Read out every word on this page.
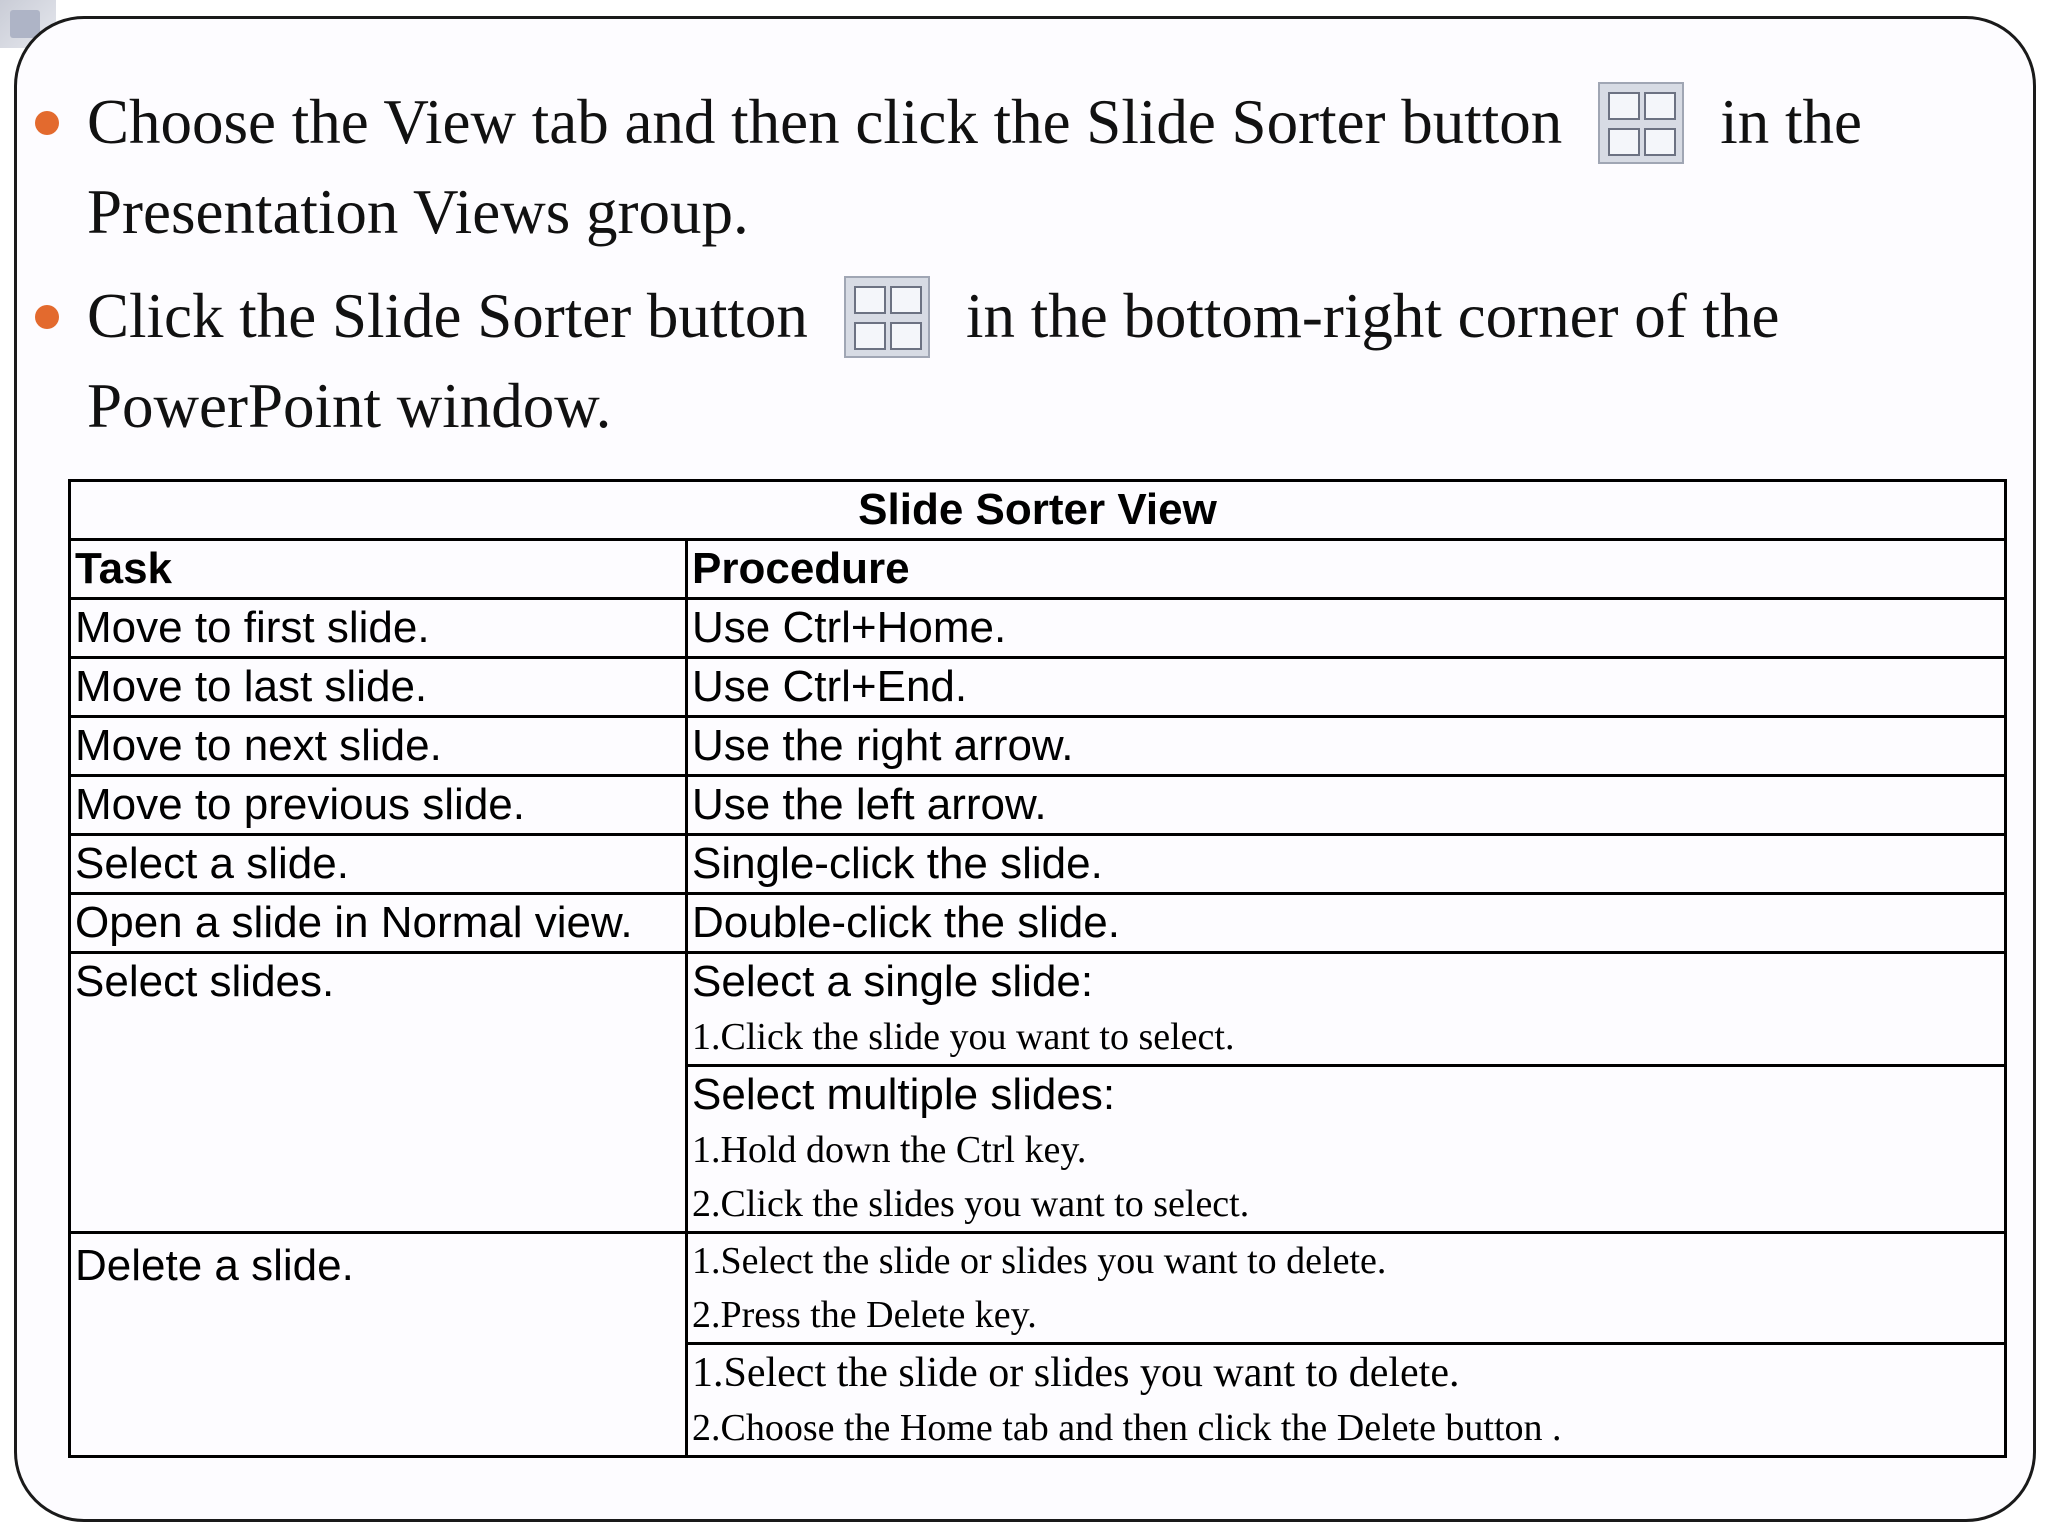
Choose the View tab and then click the Slide Sorter button	in the Presentation Views group.
Click the Slide Sorter button	in the bottom-right corner of the PowerPoint window.
Slide Sorter View	
Task	Procedure
Move to first slide.	Use Ctrl+Home.
Move to last slide.	Use Ctrl+End.
Move to next slide.	Use the right arrow.
Move to previous slide.	Use the left arrow.
Select a slide.	Single-click the slide.
Open a slide in Normal view.	Double-click the slide.
Select slides.	Select a single slide:
1.Click the slide you want to select.

	Select multiple slides:
1.Hold down the Ctrl key.
2.Click the slides you want to select.

Delete a slide.	1.Select the slide or slides you want to delete.
2.Press the Delete key.

	1.Select the slide or slides you want to delete.
2.Choose the Home tab and then click the Delete button .
